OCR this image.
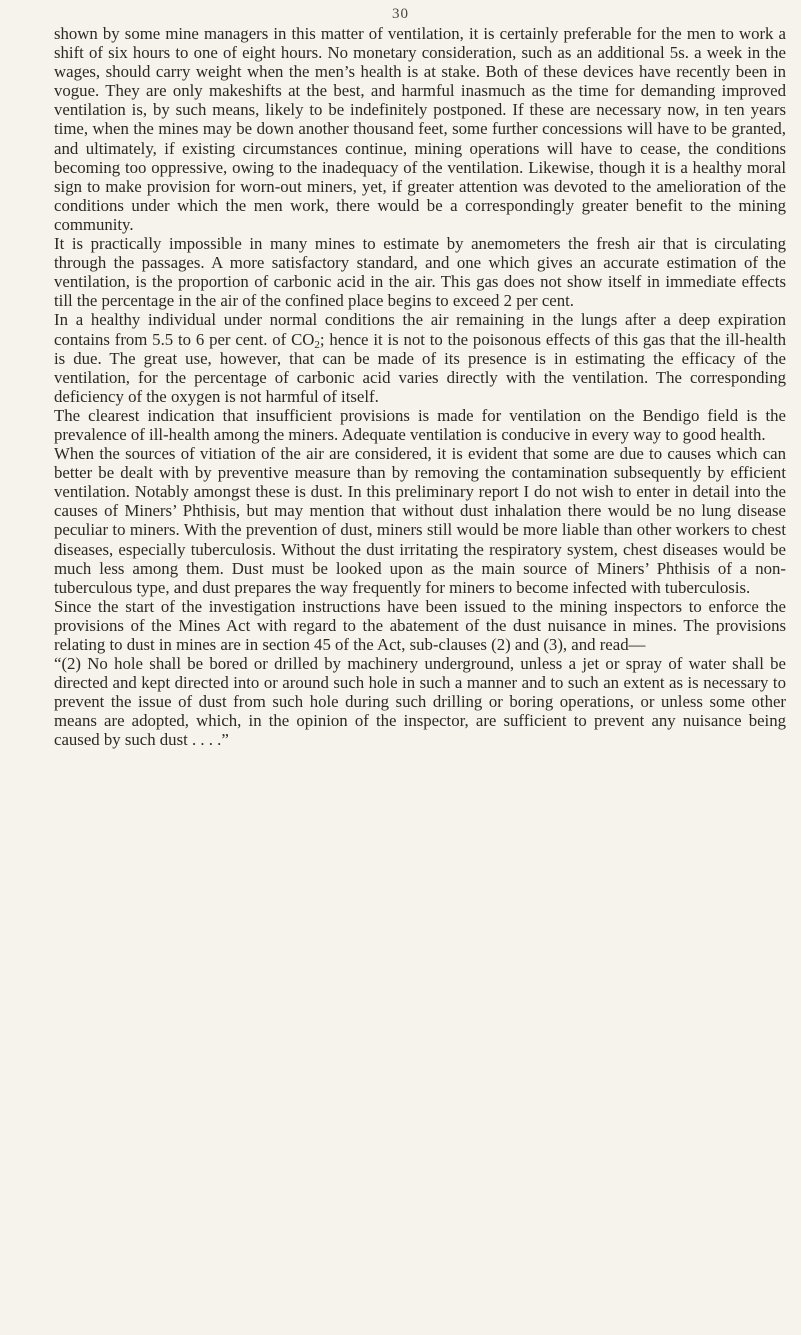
30

shown by some mine managers in this matter of ventilation, it is certainly preferable for the men to work a shift of six hours to one of eight hours. No monetary consideration, such as an additional 5s. a week in the wages, should carry weight when the men’s health is at stake. Both of these devices have recently been in vogue. They are only makeshifts at the best, and harmful inasmuch as the time for demanding improved ventilation is, by such means, likely to be indefinitely postponed. If these are necessary now, in ten years time, when the mines may be down another thousand feet, some further concessions will have to be granted, and ultimately, if existing circumstances continue, mining operations will have to cease, the conditions becoming too oppressive, owing to the inadequacy of the ventilation. Likewise, though it is a healthy moral sign to make provision for worn-out miners, yet, if greater attention was devoted to the amelioration of the conditions under which the men work, there would be a correspondingly greater benefit to the mining community.

It is practically impossible in many mines to estimate by anemometers the fresh air that is circulating through the passages. A more satisfactory standard, and one which gives an accurate estimation of the ventilation, is the proportion of carbonic acid in the air. This gas does not show itself in immediate effects till the percentage in the air of the confined place begins to exceed 2 per cent.

In a healthy individual under normal conditions the air remaining in the lungs after a deep expiration contains from 5.5 to 6 per cent. of $CO_2$; hence it is not to the poisonous effects of this gas that the ill-health is due. The great use, however, that can be made of its presence is in estimating the efficacy of the ventilation, for the percentage of carbonic acid varies directly with the ventilation. The corresponding deficiency of the oxygen is not harmful of itself.

The clearest indication that insufficient provisions is made for ventilation on the Bendigo field is the prevalence of ill-health among the miners. Adequate ventilation is conducive in every way to good health.

When the sources of vitiation of the air are considered, it is evident that some are due to causes which can better be dealt with by preventive measure than by removing the contamination subsequently by efficient ventilation. Notably amongst these is dust. In this preliminary report I do not wish to enter in detail into the causes of Miners’ Phthisis, but may mention that without dust inhalation there would be no lung disease peculiar to miners. With the prevention of dust, miners still would be more liable than other workers to chest diseases, especially tuberculosis. Without the dust irritating the respiratory system, chest diseases would be much less among them. Dust must be looked upon as the main source of Miners’ Phthisis of a non-tuberculous type, and dust prepares the way frequently for miners to become infected with tuberculosis.

Since the start of the investigation instructions have been issued to the mining inspectors to enforce the provisions of the Mines Act with regard to the abatement of the dust nuisance in mines. The provisions relating to dust in mines are in section 45 of the Act, sub-clauses (2) and (3), and read—

“(2) No hole shall be bored or drilled by machinery underground, unless a jet or spray of water shall be directed and kept directed into or around such hole in such a manner and to such an extent as is necessary to prevent the issue of dust from such hole during such drilling or boring operations, or unless some other means are adopted, which, in the opinion of the inspector, are sufficient to prevent any nuisance being caused by such dust . . . .”
